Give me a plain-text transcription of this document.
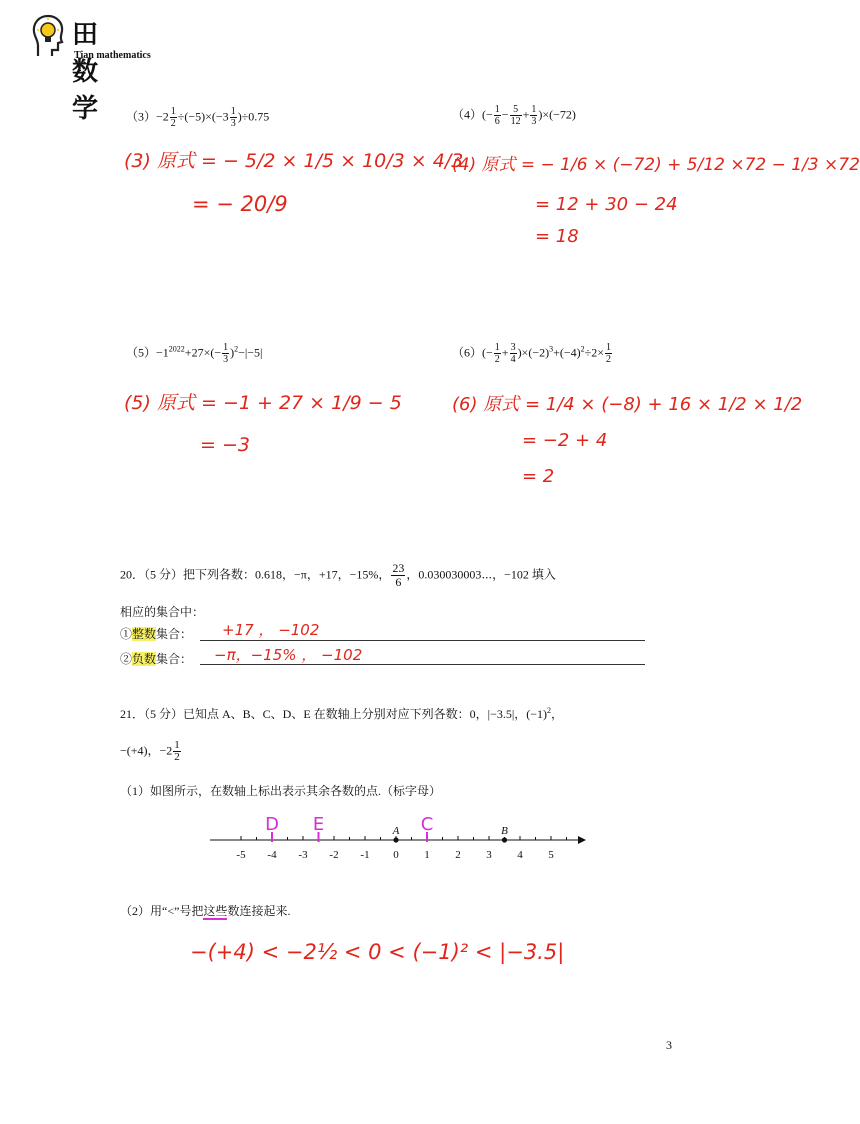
田数学
Tian mathematics
$(3)-2 \frac{1}{2} \div(-5)\times(-3 \frac{1}{3} )\div 0.75$
(3) 原式 = − 5/2 × 1/5 × 10/3 × 4/3
= − 20/9
$(4)(- \frac{1}{6} - \frac{5}{12} + \frac{1}{3} )\times(-72)$
(4) 原式 = − 1/6 × (−72) + 5/12 ×72 − 1/3 ×72
= 12 + 30 − 24
= 18
$(5)-1^{2022}+27\times(- \frac{1}{3} )^2-|-5|$
(5) 原式 = −1 + 27 × 1/9 − 5
= −3
$(6)(- \frac{1}{2} + \frac{3}{4} )\times(-2)^3+(-4)^2\div 2\times \frac{1}{2}$
(6) 原式 = 1/4 × (−8) + 16 × 1/2 × 1/2
= −2 + 4
= 2
20．（5 分）把下列各数：0.618，−π，+17，−15%， $\frac{23}{6}$ ，0.030030003⋯，−102 填入
相应的集合中：
①整数集合： +17 ， −102
②负数集合： −π，−15% ， −102
21．（5 分）已知点 A、B、C、D、E 在数轴上分别对应下列各数：0，|−3.5|，$(-1)^2$，
−(+4)，$-2 \frac{1}{2}$
（1）如图所示，在数轴上标出表示其余各数的点.（标字母）
-5 -4 -3 -2 -1 0 1 2 3 4 5
A	B
D E	C
（2）用“<”号把这些数连接起来.
−(+4) < −2½ < 0 < (−1)² < |−3.5|
3
